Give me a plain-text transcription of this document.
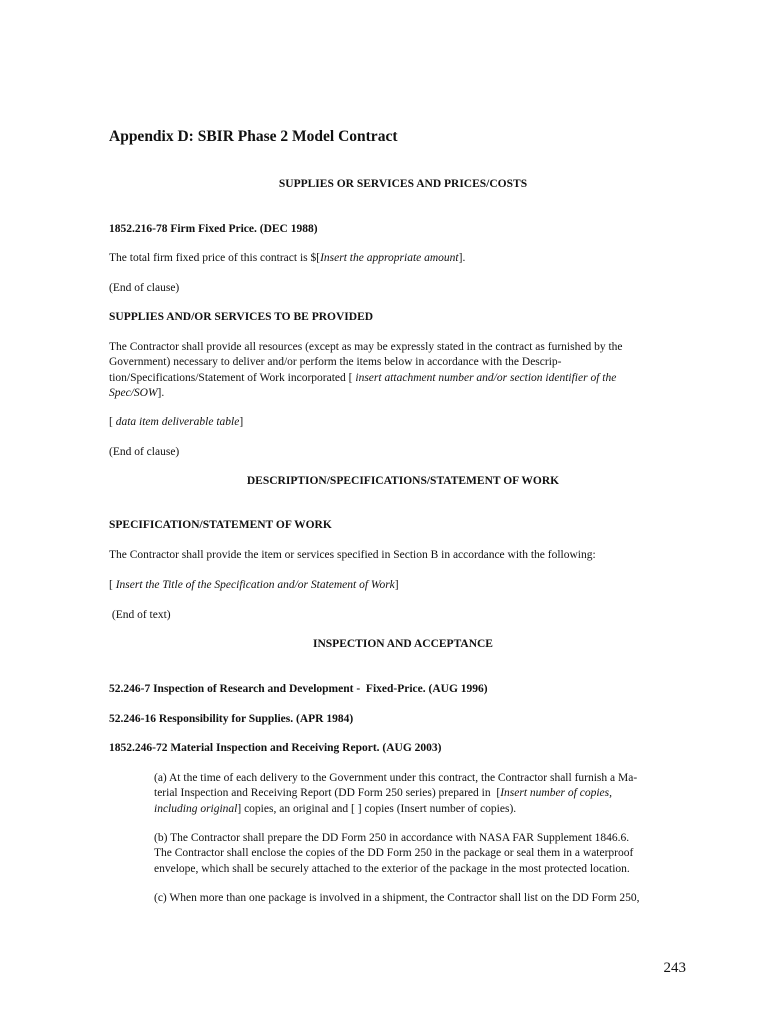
Appendix D: SBIR Phase 2 Model Contract
SUPPLIES OR SERVICES AND PRICES/COSTS
1852.216-78 Firm Fixed Price. (DEC 1988)

The total firm fixed price of this contract is $[Insert the appropriate amount].

(End of clause)

SUPPLIES AND/OR SERVICES TO BE PROVIDED

The Contractor shall provide all resources (except as may be expressly stated in the contract as furnished by the
Government) necessary to deliver and/or perform the items below in accordance with the Descrip-
tion/Specifications/Statement of Work incorporated [ insert attachment number and/or section identifier of the
Spec/SOW].

[ data item deliverable table]

(End of clause)

DESCRIPTION/SPECIFICATIONS/STATEMENT OF WORK
SPECIFICATION/STATEMENT OF WORK

The Contractor shall provide the item or services specified in Section B in accordance with the following:

[ Insert the Title of the Specification and/or Statement of Work]

(End of text)

INSPECTION AND ACCEPTANCE
52.246-7 Inspection of Research and Development -  Fixed-Price. (AUG 1996)
52.246-16 Responsibility for Supplies. (APR 1984)
1852.246-72 Material Inspection and Receiving Report. (AUG 2003)

(a) At the time of each delivery to the Government under this contract, the Contractor shall furnish a Ma-
terial Inspection and Receiving Report (DD Form 250 series) prepared in  [Insert number of copies,
including original] copies, an original and [ ] copies (Insert number of copies).

(b) The Contractor shall prepare the DD Form 250 in accordance with NASA FAR Supplement 1846.6.
The Contractor shall enclose the copies of the DD Form 250 in the package or seal them in a waterproof
envelope, which shall be securely attached to the exterior of the package in the most protected location.

(c) When more than one package is involved in a shipment, the Contractor shall list on the DD Form 250,

243
